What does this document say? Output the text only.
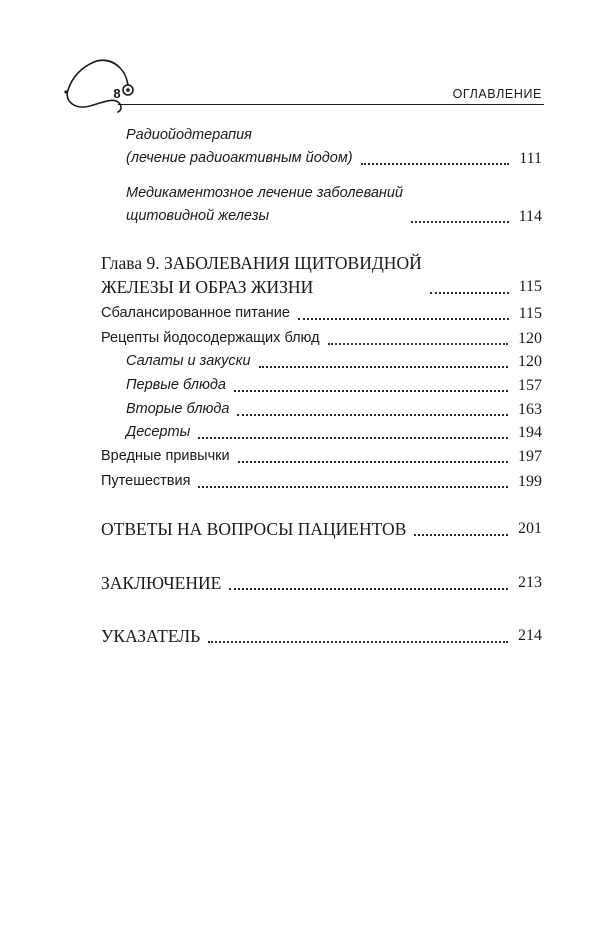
8	ОГЛАВЛЕНИЕ
Радиойодтерапия
(лечение радиоактивным йодом)	111
Медикаментозное лечение заболеваний
щитовидной железы	114
Глава 9. ЗАБОЛЕВАНИЯ ЩИТОВИДНОЙ
ЖЕЛЕЗЫ И ОБРАЗ ЖИЗНИ	115
Сбалансированное питание	115
Рецепты йодосодержащих блюд	120
Салаты и закуски	120
Первые блюда	157
Вторые блюда	163
Десерты	194
Вредные привычки	197
Путешествия	199
ОТВЕТЫ НА ВОПРОСЫ ПАЦИЕНТОВ	201
ЗАКЛЮЧЕНИЕ	213
УКАЗАТЕЛЬ	214
